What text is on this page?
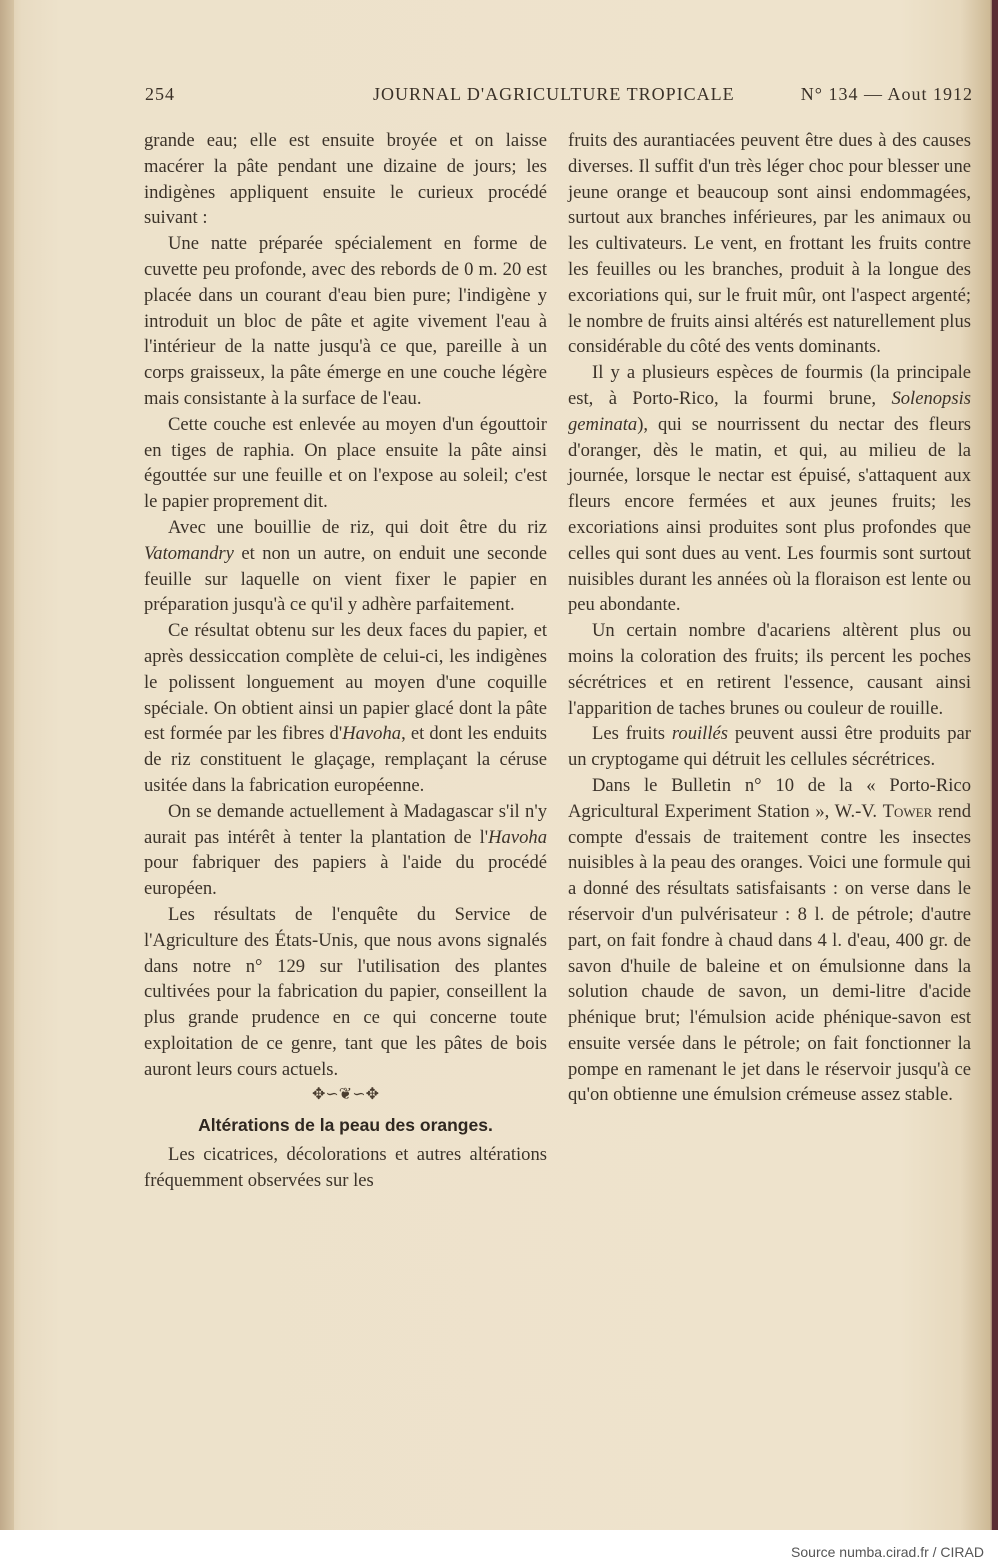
254	JOURNAL D'AGRICULTURE TROPICALE	N° 134 — Aout 1912

grande eau; elle est ensuite broyée et on laisse macérer la pâte pendant une dizaine de jours; les indigènes appliquent ensuite le curieux procédé suivant :

Une natte préparée spécialement en forme de cuvette peu profonde, avec des rebords de 0 m. 20 est placée dans un courant d'eau bien pure; l'indigène y introduit un bloc de pâte et agite vivement l'eau à l'intérieur de la natte jusqu'à ce que, pareille à un corps graisseux, la pâte émerge en une couche légère mais consistante à la surface de l'eau.

Cette couche est enlevée au moyen d'un égouttoir en tiges de raphia. On place ensuite la pâte ainsi égouttée sur une feuille et on l'expose au soleil; c'est le papier proprement dit.

Avec une bouillie de riz, qui doit être du riz Vatomandry et non un autre, on enduit une seconde feuille sur laquelle on vient fixer le papier en préparation jusqu'à ce qu'il y adhère parfaitement.

Ce résultat obtenu sur les deux faces du papier, et après dessiccation complète de celui-ci, les indigènes le polissent longuement au moyen d'une coquille spéciale. On obtient ainsi un papier glacé dont la pâte est formée par les fibres d'Havoha, et dont les enduits de riz constituent le glaçage, remplaçant la céruse usitée dans la fabrication européenne.

On se demande actuellement à Madagascar s'il n'y aurait pas intérêt à tenter la plantation de l'Havoha pour fabriquer des papiers à l'aide du procédé européen.

Les résultats de l'enquête du Service de l'Agriculture des États-Unis, que nous avons signalés dans notre n° 129 sur l'utilisation des plantes cultivées pour la fabrication du papier, conseillent la plus grande prudence en ce qui concerne toute exploitation de ce genre, tant que les pâtes de bois auront leurs cours actuels.

✥∽❦∽✥
Altérations de la peau des oranges.

Les cicatrices, décolorations et autres altérations fréquemment observées sur les

fruits des aurantiacées peuvent être dues à des causes diverses. Il suffit d'un très léger choc pour blesser une jeune orange et beaucoup sont ainsi endommagées, surtout aux branches inférieures, par les animaux ou les cultivateurs. Le vent, en frottant les fruits contre les feuilles ou les branches, produit à la longue des excoriations qui, sur le fruit mûr, ont l'aspect argenté; le nombre de fruits ainsi altérés est naturellement plus considérable du côté des vents dominants.

Il y a plusieurs espèces de fourmis (la principale est, à Porto-Rico, la fourmi brune, Solenopsis geminata), qui se nourrissent du nectar des fleurs d'oranger, dès le matin, et qui, au milieu de la journée, lorsque le nectar est épuisé, s'attaquent aux fleurs encore fermées et aux jeunes fruits; les excoriations ainsi produites sont plus profondes que celles qui sont dues au vent. Les fourmis sont surtout nuisibles durant les années où la floraison est lente ou peu abondante.

Un certain nombre d'acariens altèrent plus ou moins la coloration des fruits; ils percent les poches sécrétrices et en retirent l'essence, causant ainsi l'apparition de taches brunes ou couleur de rouille.

Les fruits rouillés peuvent aussi être produits par un cryptogame qui détruit les cellules sécrétrices.

Dans le Bulletin n° 10 de la « Porto-Rico Agricultural Experiment Station », W.-V. Tower rend compte d'essais de traitement contre les insectes nuisibles à la peau des oranges. Voici une formule qui a donné des résultats satisfaisants : on verse dans le réservoir d'un pulvérisateur : 8 l. de pétrole; d'autre part, on fait fondre à chaud dans 4 l. d'eau, 400 gr. de savon d'huile de baleine et on émulsionne dans la solution chaude de savon, un demi-litre d'acide phénique brut; l'émulsion acide phénique-savon est ensuite versée dans le pétrole; on fait fonctionner la pompe en ramenant le jet dans le réservoir jusqu'à ce qu'on obtienne une émulsion crémeuse assez stable.

Source numba.cirad.fr / CIRAD
